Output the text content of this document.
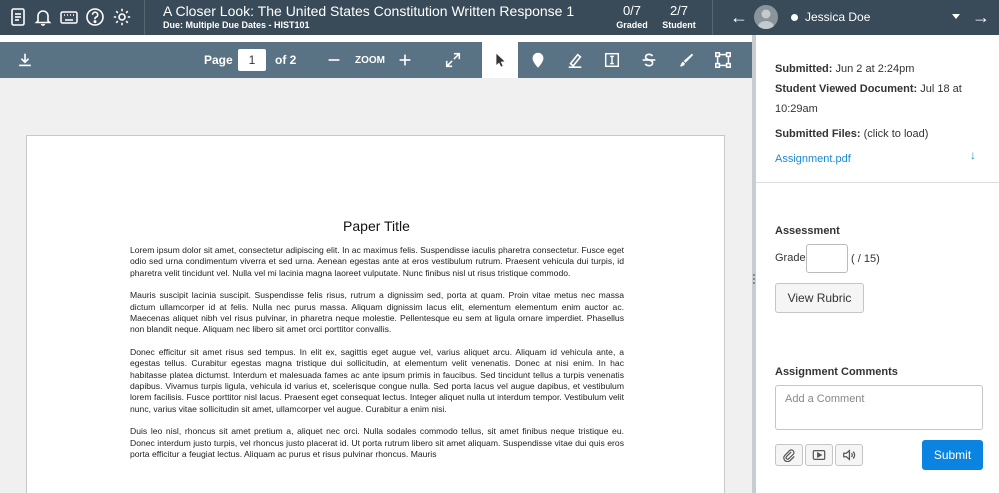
A Closer Look: The United States Constitution Written Response 1
Due: Multiple Due Dates - HIST101
0/7
Graded
2/7
Student ←	Jessica Doe	→
Page
1	of 2	ZOOM
Paper Title

Lorem ipsum dolor sit amet, consectetur adipiscing elit. In ac maximus felis. Suspendisse iaculis pharetra consectetur. Fusce eget odio sed urna condimentum viverra et sed urna. Aenean egestas ante at eros vestibulum rutrum. Praesent vehicula dui turpis, id pharetra velit tincidunt vel. Nulla vel mi lacinia magna laoreet vulputate. Nunc finibus nisl ut risus tristique commodo.

Mauris suscipit lacinia suscipit. Suspendisse felis risus, rutrum a dignissim sed, porta at quam. Proin vitae metus nec massa dictum ullamcorper id at felis. Nulla nec purus massa. Aliquam dignissim lacus elit, elementum elementum enim auctor ac. Maecenas aliquet nibh vel risus pulvinar, in pharetra neque molestie. Pellentesque eu sem at ligula ornare imperdiet. Phasellus non blandit neque. Aliquam nec libero sit amet orci porttitor convallis.

Donec efficitur sit amet risus sed tempus. In elit ex, sagittis eget augue vel, varius aliquet arcu. Aliquam id vehicula ante, a egestas tellus. Curabitur egestas magna tristique dui sollicitudin, at elementum velit venenatis. Donec at nisi enim. In hac habitasse platea dictumst. Interdum et malesuada fames ac ante ipsum primis in faucibus. Sed tincidunt tellus a turpis venenatis dapibus. Vivamus turpis ligula, vehicula id varius et, scelerisque congue nulla. Sed porta lacus vel augue dapibus, et vestibulum lorem facilisis. Fusce porttitor nisl lacus. Praesent eget consequat lectus. Integer aliquet nulla ut interdum tempor. Vestibulum velit nunc, varius vitae sollicitudin sit amet, ullamcorper vel augue. Curabitur a enim nisi.

Duis leo nisl, rhoncus sit amet pretium a, aliquet nec orci. Nulla sodales commodo tellus, sit amet finibus neque tristique eu. Donec interdum justo turpis, vel rhoncus justo placerat id. Ut porta rutrum libero sit amet aliquam. Suspendisse vitae dui quis eros porta efficitur a feugiat lectus. Aliquam ac purus et risus pulvinar rhoncus. Mauris

Submitted: Jun 2 at 2:24pm
Student Viewed Document: Jul 18 at
10:29am
Submitted Files: (click to load)
Assignment.pdf	↓
Assessment
Grade	( / 15)
View Rubric
Assignment Comments
Add a Comment
Submit
